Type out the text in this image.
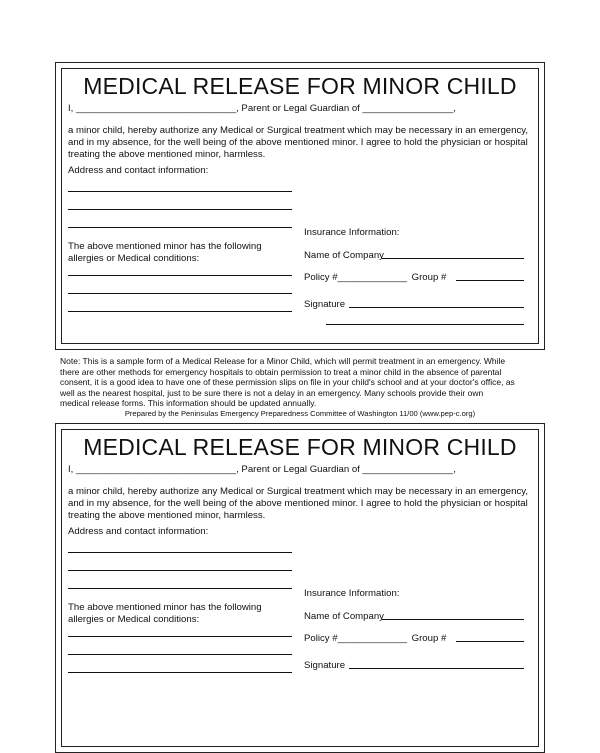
MEDICAL RELEASE FOR MINOR CHILD
I, ______________________________, Parent or Legal Guardian of _________________,
a minor child, hereby authorize any Medical or Surgical treatment which may be necessary in an emergency,
and in my absence, for the well being of the above mentioned minor. I agree to hold the physician or hospital
treating the above mentioned minor, harmless.
Address and contact information:
The above mentioned minor has the following
allergies or Medical conditions:
Insurance Information:
Name of Company
Policy #_____________ Group #
Signature

Note: This is a sample form of a Medical Release for a Minor Child, which will permit treatment in an emergency. While

there are other methods for emergency hospitals to obtain permission to treat a minor child in the absence of parental

consent, it is a good idea to have one of these permission slips on file in your child's school and at your doctor's office, as

well as the nearest hospital, just to be sure there is not a delay in an emergency. Many schools provide their own

medical release forms. This information should be updated annually.

Prepared by the Peninsulas Emergency Preparedness Committee of Washington 11/00 (www.pep-c.org)
MEDICAL RELEASE FOR MINOR CHILD
I, ______________________________, Parent or Legal Guardian of _________________,
a minor child, hereby authorize any Medical or Surgical treatment which may be necessary in an emergency,
and in my absence, for the well being of the above mentioned minor. I agree to hold the physician or hospital
treating the above mentioned minor, harmless.
Address and contact information:
The above mentioned minor has the following
allergies or Medical conditions:
Insurance Information:
Name of Company
Policy #_____________ Group #
Signature
